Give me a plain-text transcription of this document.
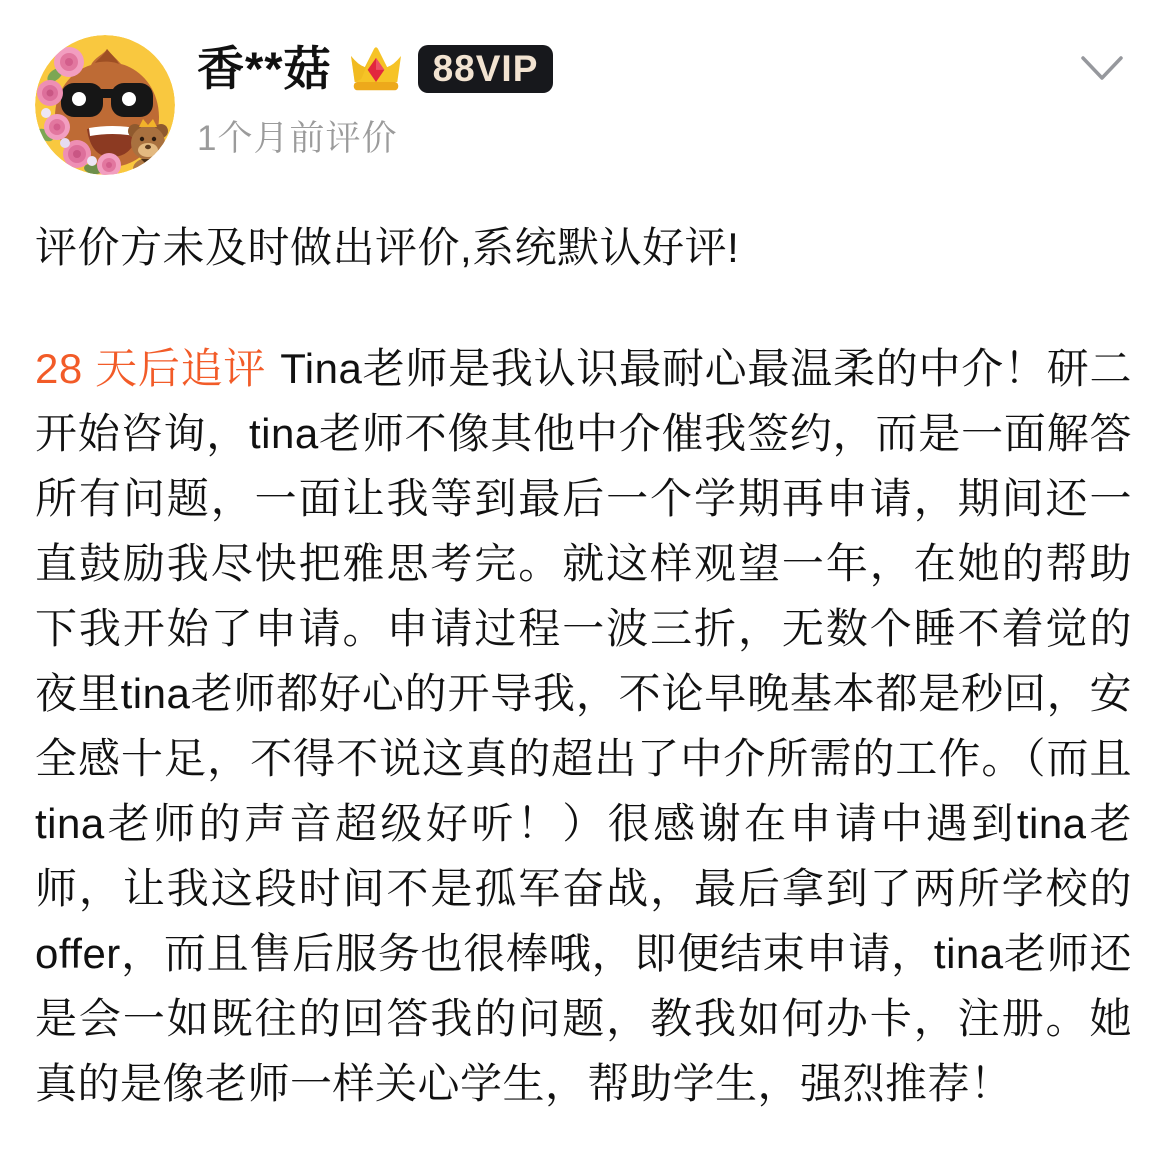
香**菇	88VIP
1个月前评价

评价方未及时做出评价,系统默认好评!

28 天后追评 Tina老师是我认识最耐心最温柔的中介！研二开始咨询，tina老师不像其他中介催我签约，而是一面解答所有问题，一面让我等到最后一个学期再申请，期间还一直鼓励我尽快把雅思考完。就这样观望一年，在她的帮助下我开始了申请。申请过程一波三折，无数个睡不着觉的夜里tina老师都好心的开导我，不论早晚基本都是秒回，安全感十足，不得不说这真的超出了中介所需的工作。（而且tina老师的声音超级好听！）很感谢在申请中遇到tina老师，让我这段时间不是孤军奋战，最后拿到了两所学校的offer，而且售后服务也很棒哦，即便结束申请，tina老师还是会一如既往的回答我的问题，教我如何办卡，注册。她真的是像老师一样关心学生，帮助学生，强烈推荐！
